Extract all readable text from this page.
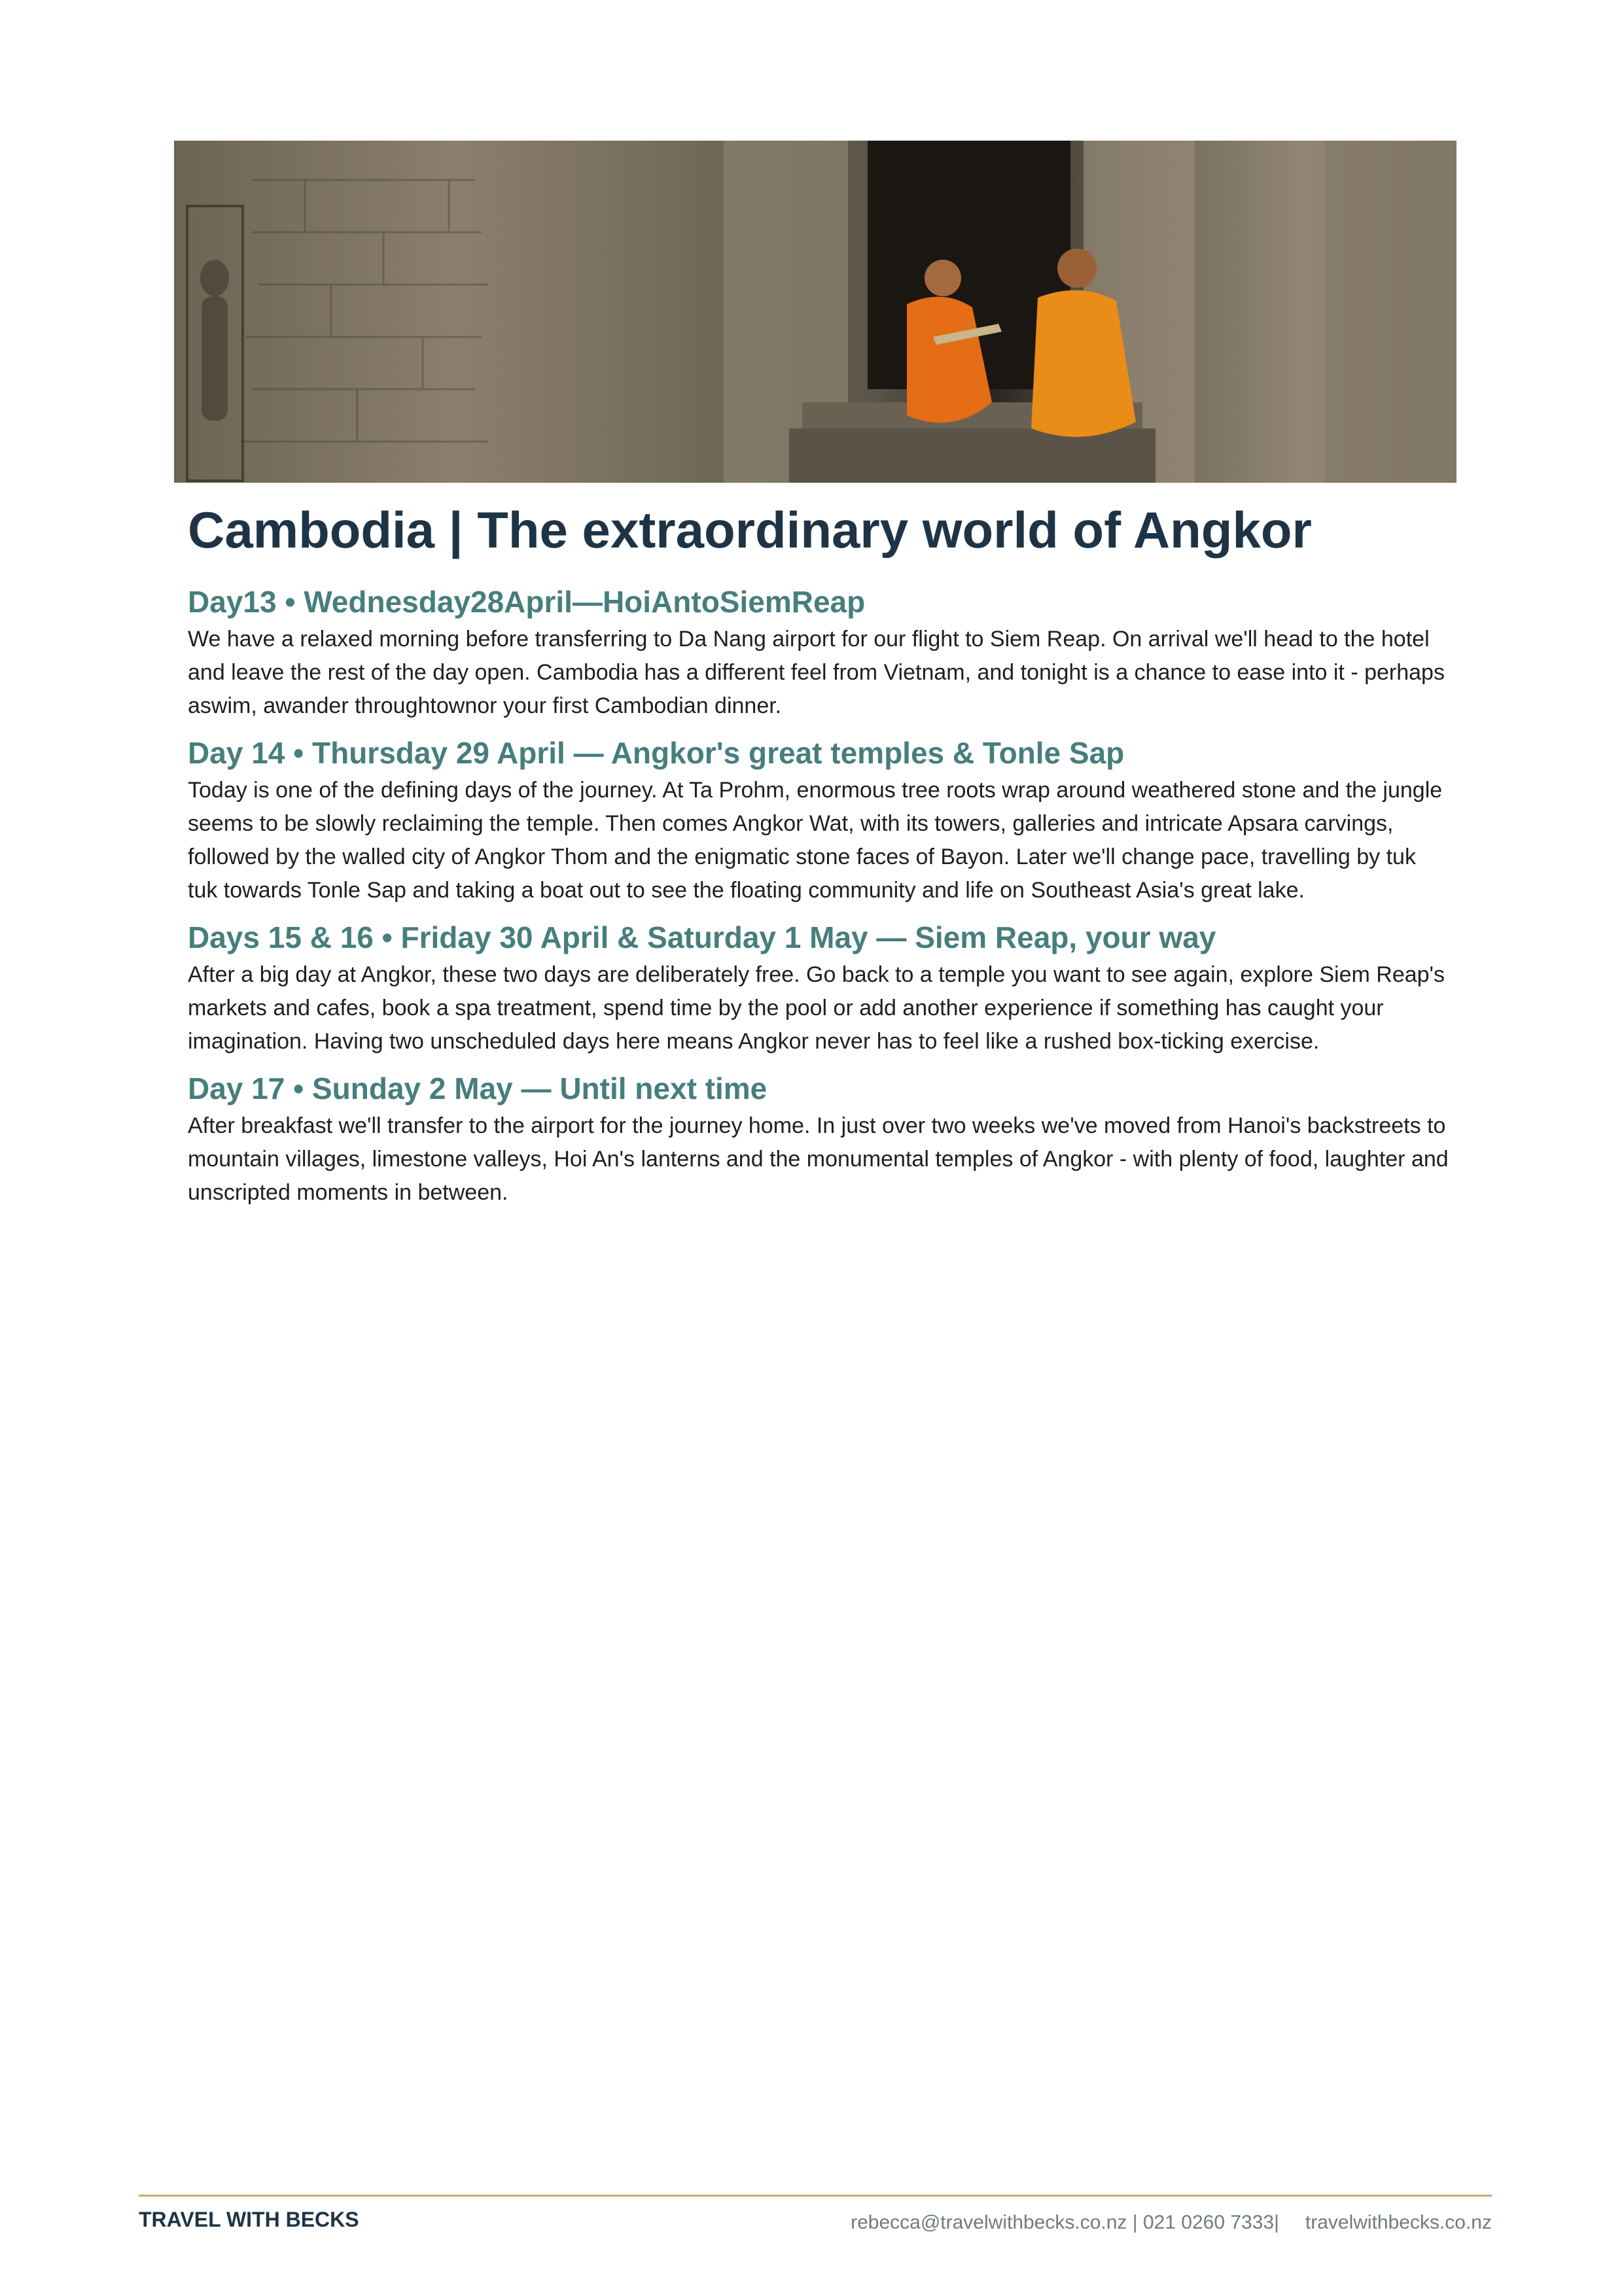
Cambodia | The extraordinary world of Angkor
Day13 • Wednesday28April—HoiAntoSiemReap

We have a relaxed morning before transferring to Da Nang airport for our flight to Siem Reap. On arrival we'll head to the hotel and leave the rest of the day open. Cambodia has a different feel from Vietnam, and tonight is a chance to ease into it - perhaps aswim, awander throughtownor your first Cambodian dinner.

Day 14 • Thursday 29 April — Angkor's great temples & Tonle Sap

Today is one of the defining days of the journey. At Ta Prohm, enormous tree roots wrap around weathered stone and the jungle seems to be slowly reclaiming the temple. Then comes Angkor Wat, with its towers, galleries and intricate Apsara carvings, followed by the walled city of Angkor Thom and the enigmatic stone faces of Bayon. Later we'll change pace, travelling by tuk tuk towards Tonle Sap and taking a boat out to see the floating community and life on Southeast Asia's great lake.

Days 15 & 16 • Friday 30 April & Saturday 1 May — Siem Reap, your way

After a big day at Angkor, these two days are deliberately free. Go back to a temple you want to see again, explore Siem Reap's markets and cafes, book a spa treatment, spend time by the pool or add another experience if something has caught your imagination. Having two unscheduled days here means Angkor never has to feel like a rushed box-ticking exercise.

Day 17 • Sunday 2 May — Until next time

After breakfast we'll transfer to the airport for the journey home. In just over two weeks we've moved from Hanoi's backstreets to mountain villages, limestone valleys, Hoi An's lanterns and the monumental temples of Angkor - with plenty of food, laughter and unscripted moments in between.

TRAVEL WITH BECKS	rebecca@travelwithbecks.co.nz | 021 0260 7333| travelwithbecks.co.nz
